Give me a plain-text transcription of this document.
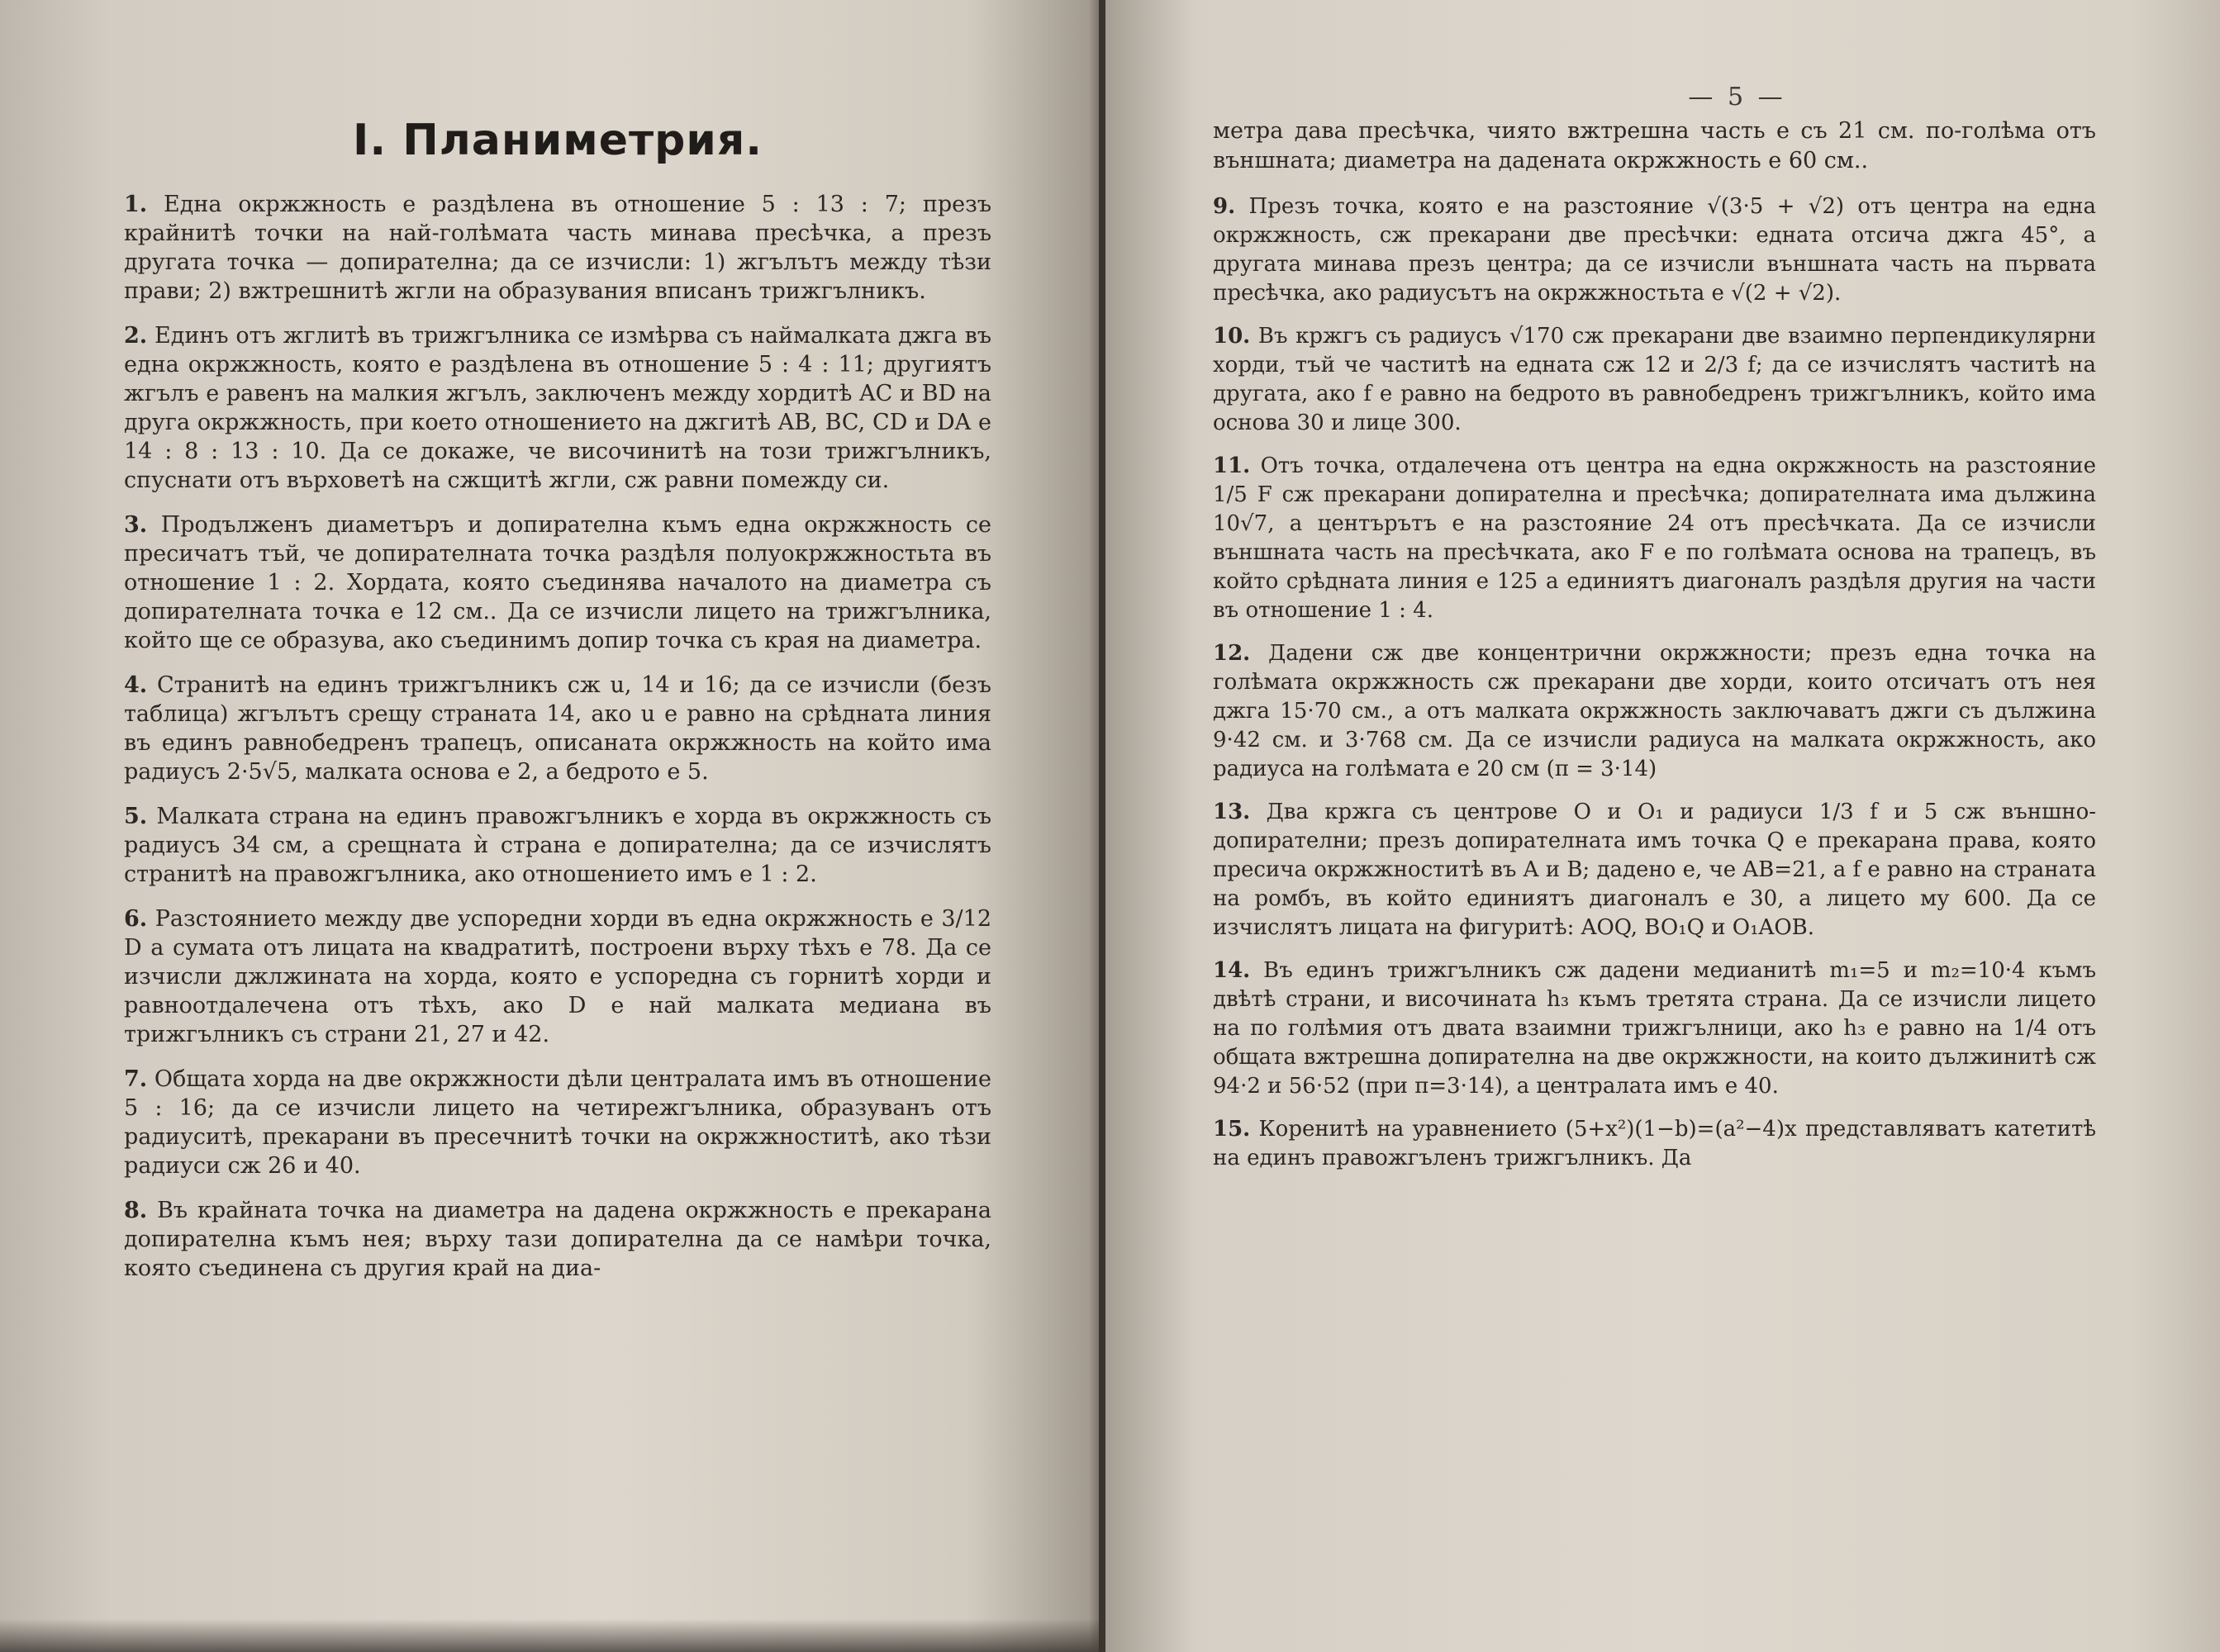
I. Планиметрия.

1. Една окржжность е раздѣлена въ отношение 5 : 13 : 7; презъ крайнитѣ точки на най-голѣмата часть минава пресѣчка, а презъ другата точка — допирателна; да се изчисли: 1) жгълътъ между тѣзи прави; 2) вжтрешнитѣ жгли на образувания вписанъ трижгълникъ.

2. Единъ отъ жглитѣ въ трижгълника се измѣрва съ наймалката джга въ една окржжность, която е раздѣлена въ отношение 5 : 4 : 11; другиятъ жгълъ е равенъ на малкия жгълъ, заключенъ между хордитѣ AC и BD на друга окржжность, при което отношението на джгитѣ AB, BC, CD и DA е 14 : 8 : 13 : 10. Да се докаже, че височинитѣ на този трижгълникъ, спуснати отъ върховетѣ на сжщитѣ жгли, сж равни помежду си.

3. Продълженъ диаметъръ и допирателна къмъ една окржжность се пресичатъ тъй, че допирателната точка раздѣля полуокржжностьта въ отношение 1 : 2. Хордата, която съединява началото на диаметра съ допирателната точка е 12 см.. Да се изчисли лицето на трижгълника, който ще се образува, ако съединимъ допир точка съ края на диаметра.

4. Странитѣ на единъ трижгълникъ сж u, 14 и 16; да се изчисли (безъ таблица) жгълътъ срещу страната 14, ако u е равно на срѣдната линия въ единъ равнобедренъ трапецъ, описаната окржжность на който има радиусъ 2·5√5, малката основа е 2, а бедрото е 5.

5. Малката страна на единъ правожгълникъ е хорда въ окржжность съ радиусъ 34 см, а срещната ѝ страна е допирателна; да се изчислятъ странитѣ на правожгълника, ако отношението имъ е 1 : 2.

6. Разстоянието между две успоредни хорди въ една окржжность е 3/12 D а сумата отъ лицата на квадратитѣ, построени върху тѣхъ е 78. Да се изчисли джлжината на хорда, която е успоредна съ горнитѣ хорди и равноотдалечена отъ тѣхъ, ако D е най малката медиана въ трижгълникъ съ страни 21, 27 и 42.

7. Общата хорда на две окржжности дѣли централата имъ въ отношение 5 : 16; да се изчисли лицето на четирежгълника, образуванъ отъ радиуситѣ, прекарани въ пресечнитѣ точки на окржжноститѣ, ако тѣзи радиуси сж 26 и 40.

8. Въ крайната точка на диаметра на дадена окржжность е прекарана допирателна къмъ нея; върху тази допирателна да се намѣри точка, която съединена съ другия край на диа-

— 5 —

метра дава пресѣчка, чиято вжтрешна часть е съ 21 см. по-голѣма отъ външната; диаметра на дадената окржжность е 60 см..

9. Презъ точка, която е на разстояние √(3·5 + √2) отъ центра на една окржжность, сж прекарани две пресѣчки: едната отсича джга 45°, а другата минава презъ центра; да се изчисли външната часть на първата пресѣчка, ако радиусътъ на окржжностьта е √(2 + √2).

10. Въ кржгъ съ радиусъ √170 сж прекарани две взаимно перпендикулярни хорди, тъй че частитѣ на едната сж 12 и 2/3 f; да се изчислятъ частитѣ на другата, ако f е равно на бедрото въ равнобедренъ трижгълникъ, който има основа 30 и лице 300.

11. Отъ точка, отдалечена отъ центра на една окржжность на разстояние 1/5 F сж прекарани допирателна и пресѣчка; допирателната има дължина 10√7, а центърътъ е на разстояние 24 отъ пресѣчката. Да се изчисли външната часть на пресѣчката, ако F е по голѣмата основа на трапецъ, въ който срѣдната линия е 125 а единиятъ диагоналъ раздѣля другия на части въ отношение 1 : 4.

12. Дадени сж две концентрични окржжности; презъ една точка на голѣмата окржжность сж прекарани две хорди, които отсичатъ отъ нея джга 15·70 см., а отъ малката окржжность заключаватъ джги съ дължина 9·42 см. и 3·768 см. Да се изчисли радиуса на малката окржжность, ако радиуса на голѣмата е 20 см (π = 3·14)

13. Два кржга съ центрове O и O₁ и радиуси 1/3 f и 5 сж външно-допирателни; презъ допирателната имъ точка Q е прекарана права, която пресича окржжноститѣ въ A и B; дадено е, че AB=21, а f е равно на страната на ромбъ, въ който единиятъ диагоналъ е 30, а лицето му 600. Да се изчислятъ лицата на фигуритѣ: AOQ, BO₁Q и O₁AOB.

14. Въ единъ трижгълникъ сж дадени медианитѣ m₁=5 и m₂=10·4 къмъ двѣтѣ страни, и височината h₃ къмъ третята страна. Да се изчисли лицето на по голѣмия отъ двата взаимни трижгълници, ако h₃ е равно на 1/4 отъ общата вжтрешна допирателна на две окржжности, на които дължинитѣ сж 94·2 и 56·52 (при π=3·14), а централата имъ е 40.

15. Коренитѣ на уравнението (5+x²)(1−b)=(a²−4)x представляватъ катетитѣ на единъ правожгъленъ трижгълникъ. Да
